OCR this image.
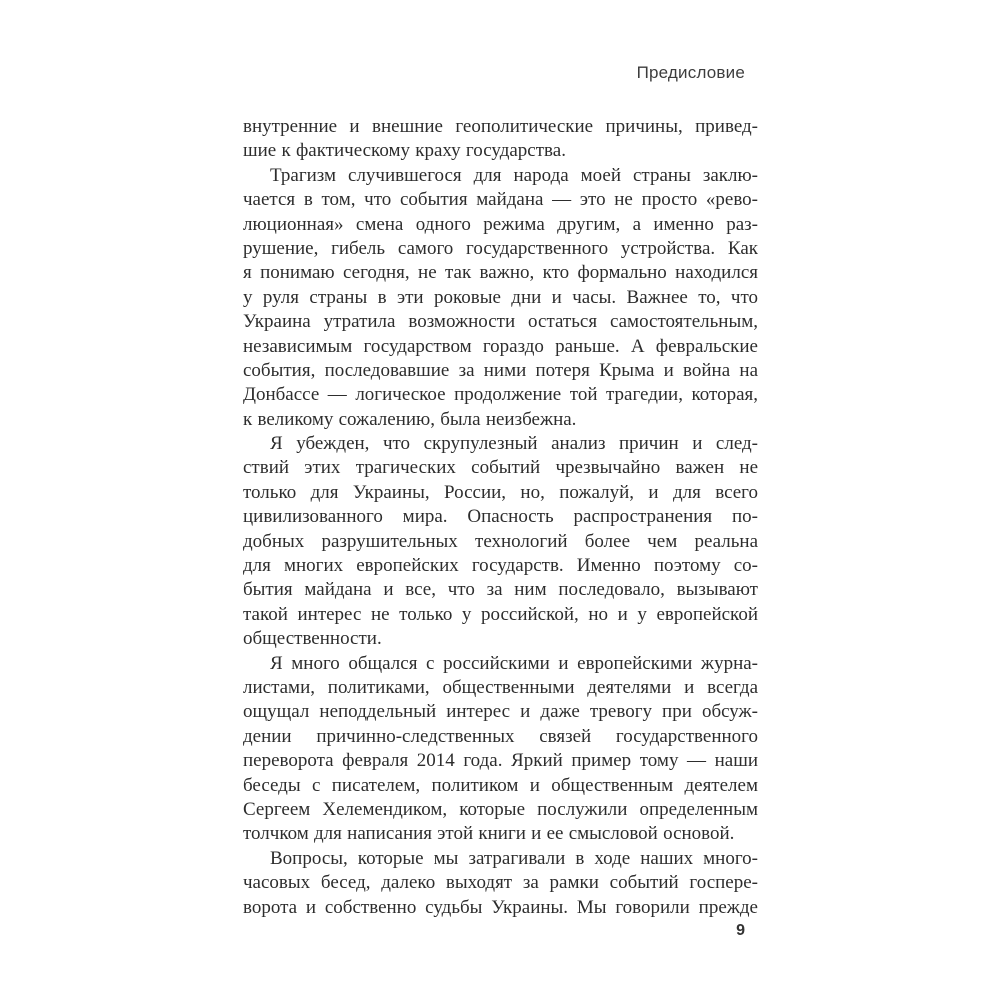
Предисловие
внутренние и внешние геополитические причины, привед-
шие к фактическому краху государства.
Трагизм случившегося для народа моей страны заклю-
чается в том, что события майдана — это не просто «рево-
люционная» смена одного режима другим, а именно раз-
рушение, гибель самого государственного устройства. Как
я понимаю сегодня, не так важно, кто формально находился
у руля страны в эти роковые дни и часы. Важнее то, что
Украина утратила возможности остаться самостоятельным,
независимым государством гораздо раньше. А февральские
события, последовавшие за ними потеря Крыма и война на
Донбассе — логическое продолжение той трагедии, которая,
к великому сожалению, была неизбежна.
Я убежден, что скрупулезный анализ причин и след-
ствий этих трагических событий чрезвычайно важен не
только для Украины, России, но, пожалуй, и для всего
цивилизованного мира. Опасность распространения по-
добных разрушительных технологий более чем реальна
для многих европейских государств. Именно поэтому со-
бытия майдана и все, что за ним последовало, вызывают
такой интерес не только у российской, но и у европейской
общественности.
Я много общался с российскими и европейскими журна-
листами, политиками, общественными деятелями и всегда
ощущал неподдельный интерес и даже тревогу при обсуж-
дении причинно-следственных связей государственного
переворота февраля 2014 года. Яркий пример тому — наши
беседы с писателем, политиком и общественным деятелем
Сергеем Хелемендиком, которые послужили определенным
толчком для написания этой книги и ее смысловой основой.
Вопросы, которые мы затрагивали в ходе наших много-
часовых бесед, далеко выходят за рамки событий госпере-
ворота и собственно судьбы Украины. Мы говорили прежде
9
